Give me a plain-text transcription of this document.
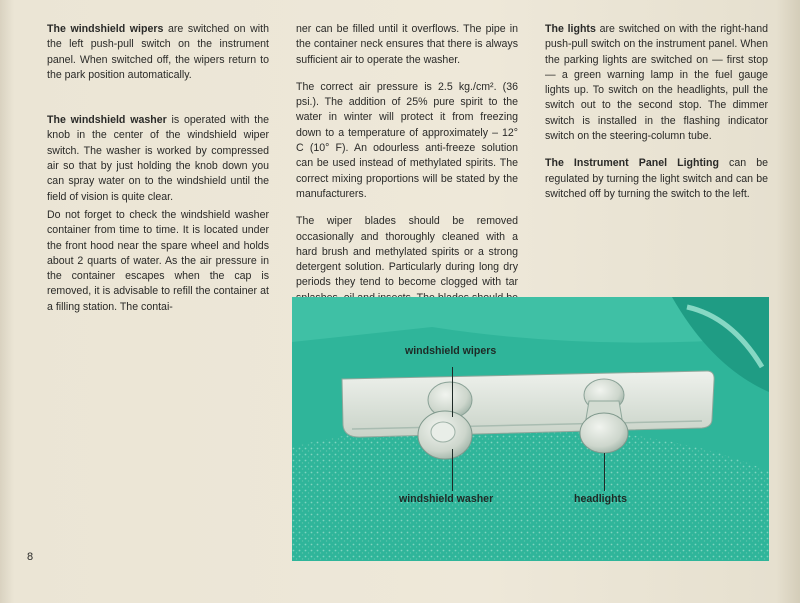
The windshield wipers are switched on with the left push-pull switch on the instrument panel. When switched off, the wipers return to the park position automatically.

The windshield washer is operated with the knob in the center of the windshield wiper switch. The washer is worked by compressed air so that by just holding the knob down you can spray water on to the windshield until the field of vision is quite clear.

Do not forget to check the windshield washer container from time to time. It is located under the front hood near the spare wheel and holds about 2 quarts of water. As the air pressure in the container escapes when the cap is removed, it is advisable to refill the container at a filling station. The contai-

ner can be filled until it overflows. The pipe in the container neck ensures that there is always sufficient air to operate the washer.

The correct air pressure is 2.5 kg./cm². (36 psi.). The addition of 25% pure spirit to the water in winter will protect it from freezing down to a temperature of approximately – 12° C (10° F). An odourless anti-freeze solution can be used instead of methylated spirits. The correct mixing proportions will be stated by the manufacturers.

The wiper blades should be removed occasionally and thoroughly cleaned with a hard brush and methylated spirits or a strong detergent solution. Particularly during long dry periods they tend to become clogged with tar

The lights are switched on with the right-hand push-pull switch on the instrument panel. When the parking lights are switched on — first stop — a green warning lamp in the fuel gauge lights up. To switch on the headlights, pull the switch out to the second stop. The dimmer switch is installed in the flashing indicator switch on the steering-column tube.

The Instrument Panel Lighting can be regulated by turning the light switch and can be switched off by turning the switch to the left.

windshield wipers
windshield washer	headlights
8
